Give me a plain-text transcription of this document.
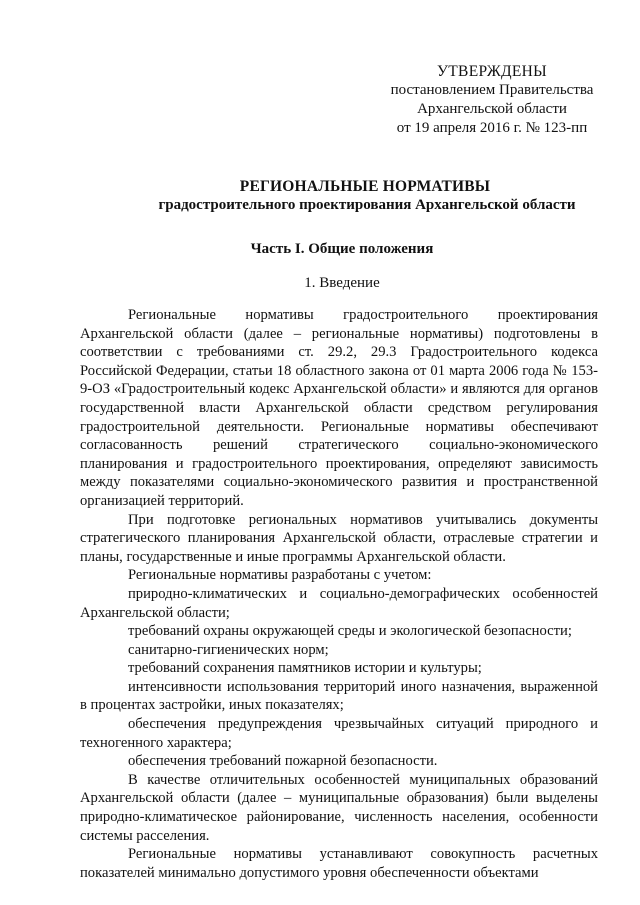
УТВЕРЖДЕНЫ
постановлением Правительства
Архангельской области
от 19 апреля 2016 г. № 123-пп
РЕГИОНАЛЬНЫЕ НОРМАТИВЫ
градостроительного проектирования Архангельской области
Часть I. Общие положения
1. Введение

Региональные нормативы градостроительного проектирования Архангельской области (далее – региональные нормативы) подготовлены в соответствии с требованиями ст. 29.2, 29.3 Градостроительного кодекса Российской Федерации, статьи 18 областного закона от 01 марта 2006 года № 153-9-ОЗ «Градостроительный кодекс Архангельской области» и являются для органов государственной власти Архангельской области средством регулирования градостроительной деятельности. Региональные нормативы обеспечивают согласованность решений стратегического социально-экономического планирования и градостроительного проектирования, определяют зависимость между показателями социально-экономического развития и пространственной организацией территорий.

При подготовке региональных нормативов учитывались документы стратегического планирования Архангельской области, отраслевые стратегии и планы, государственные и иные программы Архангельской области.

Региональные нормативы разработаны с учетом:

природно-климатических и социально-демографических особенностей Архангельской области;

требований охраны окружающей среды и экологической безопасности;

санитарно-гигиенических норм;

требований сохранения памятников истории и культуры;

интенсивности использования территорий иного назначения, выраженной в процентах застройки, иных показателях;

обеспечения предупреждения чрезвычайных ситуаций природного и техногенного характера;

обеспечения требований пожарной безопасности.

В качестве отличительных особенностей муниципальных образований Архангельской области (далее – муниципальные образования) были выделены природно-климатическое районирование, численность населения, особенности системы расселения.

Региональные нормативы устанавливают совокупность расчетных показателей минимально допустимого уровня обеспеченности объектами
